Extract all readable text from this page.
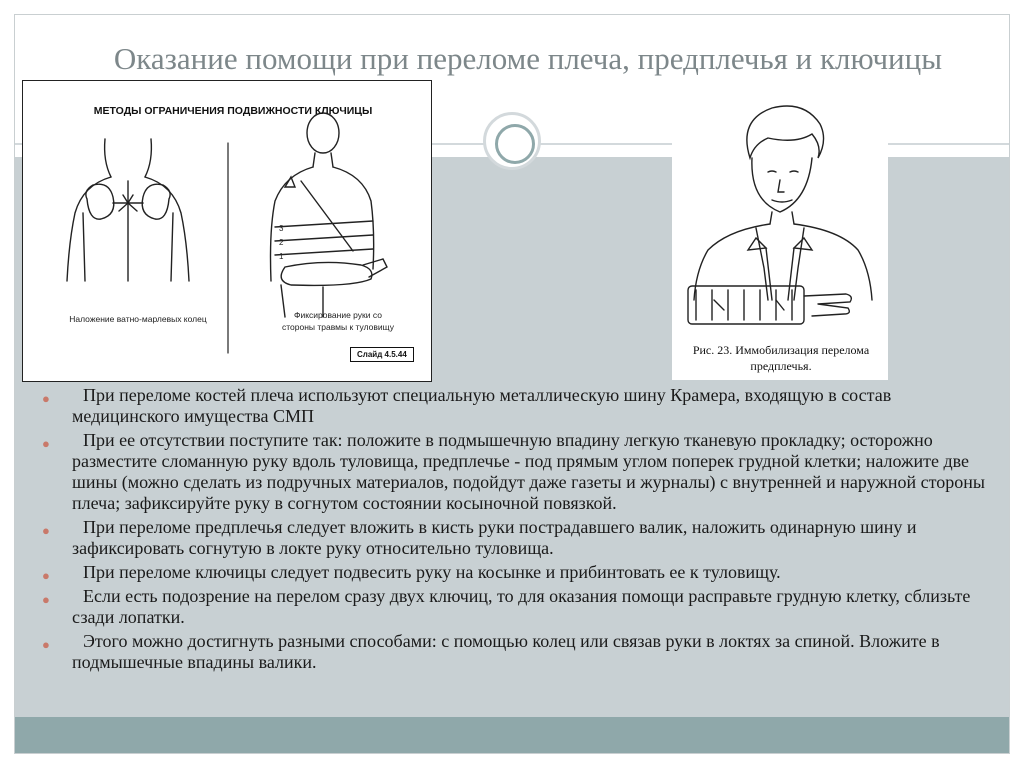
Оказание помощи при переломе плеча, предплечья и ключицы
3
2
1
МЕТОДЫ ОГРАНИЧЕНИЯ ПОДВИЖНОСТИ КЛЮЧИЦЫ
Наложение ватно-марлевых колец	Фиксирование руки со стороны травмы к туловищу
Слайд 4.5.44	Рис. 23. Иммобилизация перелома предплечья.
● При переломе костей плеча используют специальную металлическую шину Крамера, входящую в состав медицинского имущества СМП
● При ее отсутствии поступите так: положите в подмышечную впадину легкую тканевую прокладку; осторожно разместите сломанную руку вдоль туловища, предплечье - под прямым углом поперек грудной клетки; наложите две шины (можно сделать из подручных материалов, подойдут даже газеты и журналы) с внутренней и наружной стороны плеча; зафиксируйте руку в согнутом состоянии косыночной повязкой.
● При переломе предплечья следует вложить в кисть руки пострадавшего валик, наложить одинарную шину и зафиксировать согнутую в локте руку относительно туловища.
● При переломе ключицы следует подвесить руку на косынке и прибинтовать ее к туловищу.
● Если есть подозрение на перелом сразу двух ключиц, то для оказания помощи расправьте грудную клетку, сблизьте сзади лопатки.
● Этого можно достигнуть разными способами: с помощью колец или связав руки в локтях за спиной. Вложите в подмышечные впадины валики.
